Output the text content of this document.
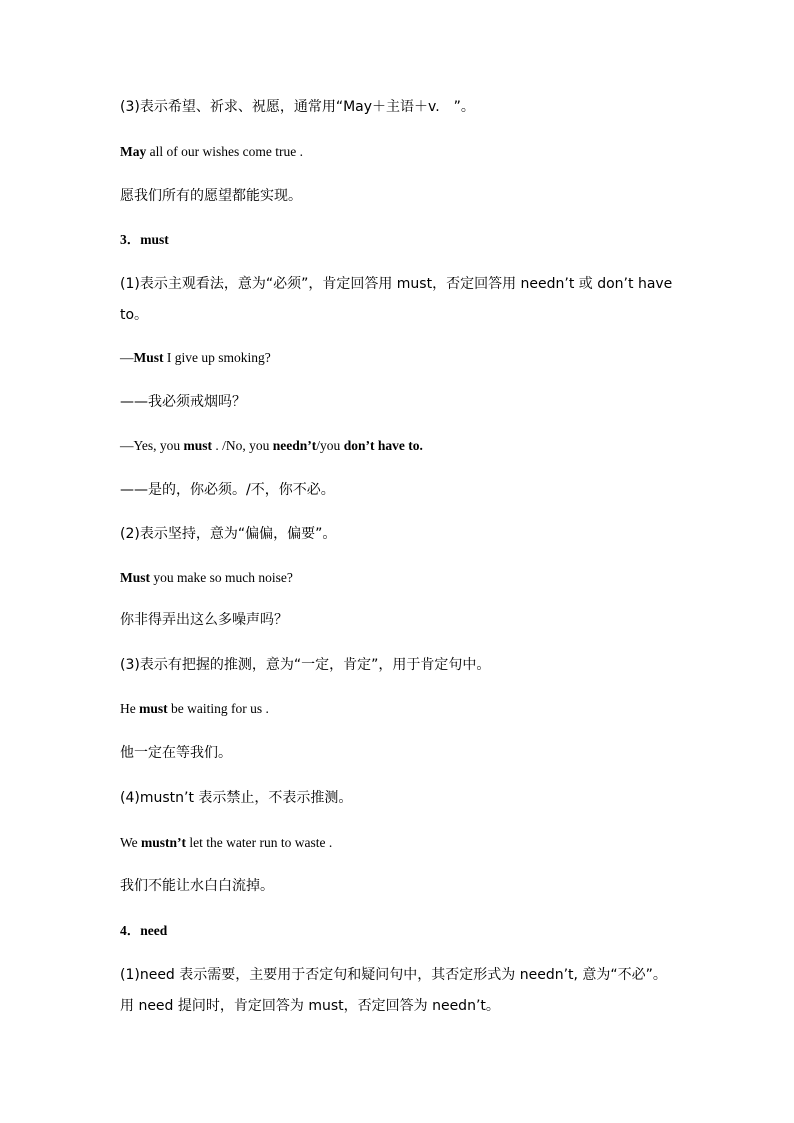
(3)表示希望、祈求、祝愿，通常用“May＋主语＋v.　”。
May all of our wishes come true .
愿我们所有的愿望都能实现。
3．must
(1)表示主观看法，意为“必须”，肯定回答用 must，否定回答用 needn’t 或 don’t have to。
—Must I give up smoking?
——我必须戒烟吗？
—Yes, you must . /No, you needn’t/you don’t have to.
——是的，你必须。/不，你不必。
(2)表示坚持，意为“偏偏，偏要”。
Must you make so much noise?
你非得弄出这么多噪声吗？
(3)表示有把握的推测，意为“一定，肯定”，用于肯定句中。
He must be waiting for us .
他一定在等我们。
(4)mustn’t 表示禁止，不表示推测。
We mustn’t let the water run to waste .
我们不能让水白白流掉。
4．need
(1)need 表示需要，主要用于否定句和疑问句中，其否定形式为 needn’t, 意为“不必”。用 need 提问时，肯定回答为 must，否定回答为 needn’t。
